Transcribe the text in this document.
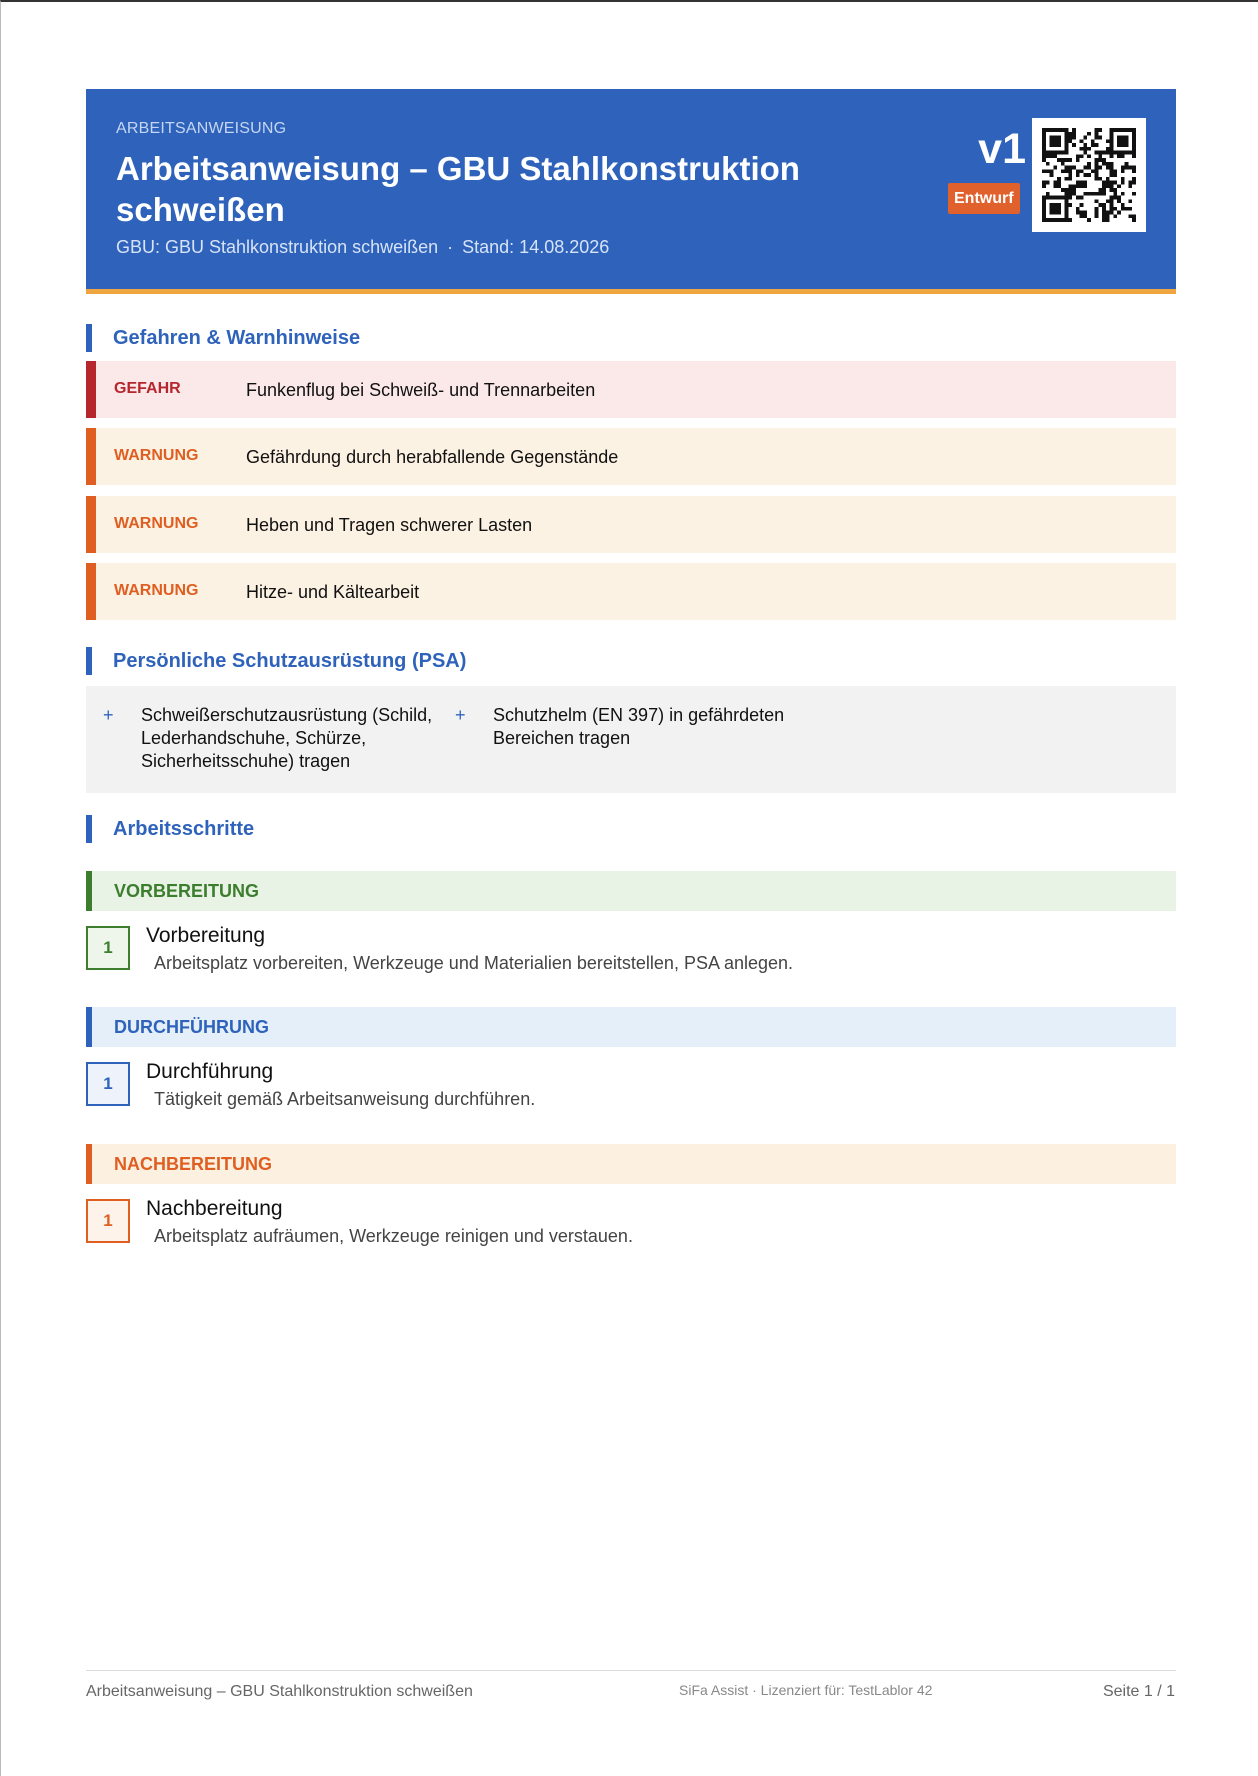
ARBEITSANWEISUNG
Arbeitsanweisung – GBU Stahlkonstruktion schweißen
GBU: GBU Stahlkonstruktion schweißen · Stand: 14.08.2026
v1
Entwurf
Gefahren & Warnhinweise
GEFAHR	Funkenflug bei Schweiß- und Trennarbeiten
WARNUNG	Gefährdung durch herabfallende Gegenstände
WARNUNG	Heben und Tragen schwerer Lasten
WARNUNG	Hitze- und Kältearbeit
Persönliche Schutzausrüstung (PSA)
+ Schweißerschutzausrüstung (Schild,
Lederhandschuhe, Schürze,
Sicherheitsschuhe) tragen
+ Schutzhelm (EN 397) in gefährdeten
Bereichen tragen
Arbeitsschritte
VORBEREITUNG
1
Vorbereitung
Arbeitsplatz vorbereiten, Werkzeuge und Materialien bereitstellen, PSA anlegen.
DURCHFÜHRUNG
1
Durchführung
Tätigkeit gemäß Arbeitsanweisung durchführen.
NACHBEREITUNG
1
Nachbereitung
Arbeitsplatz aufräumen, Werkzeuge reinigen und verstauen.
Arbeitsanweisung – GBU Stahlkonstruktion schweißen	SiFa Assist · Lizenziert für: TestLablor 42	Seite 1 / 1
